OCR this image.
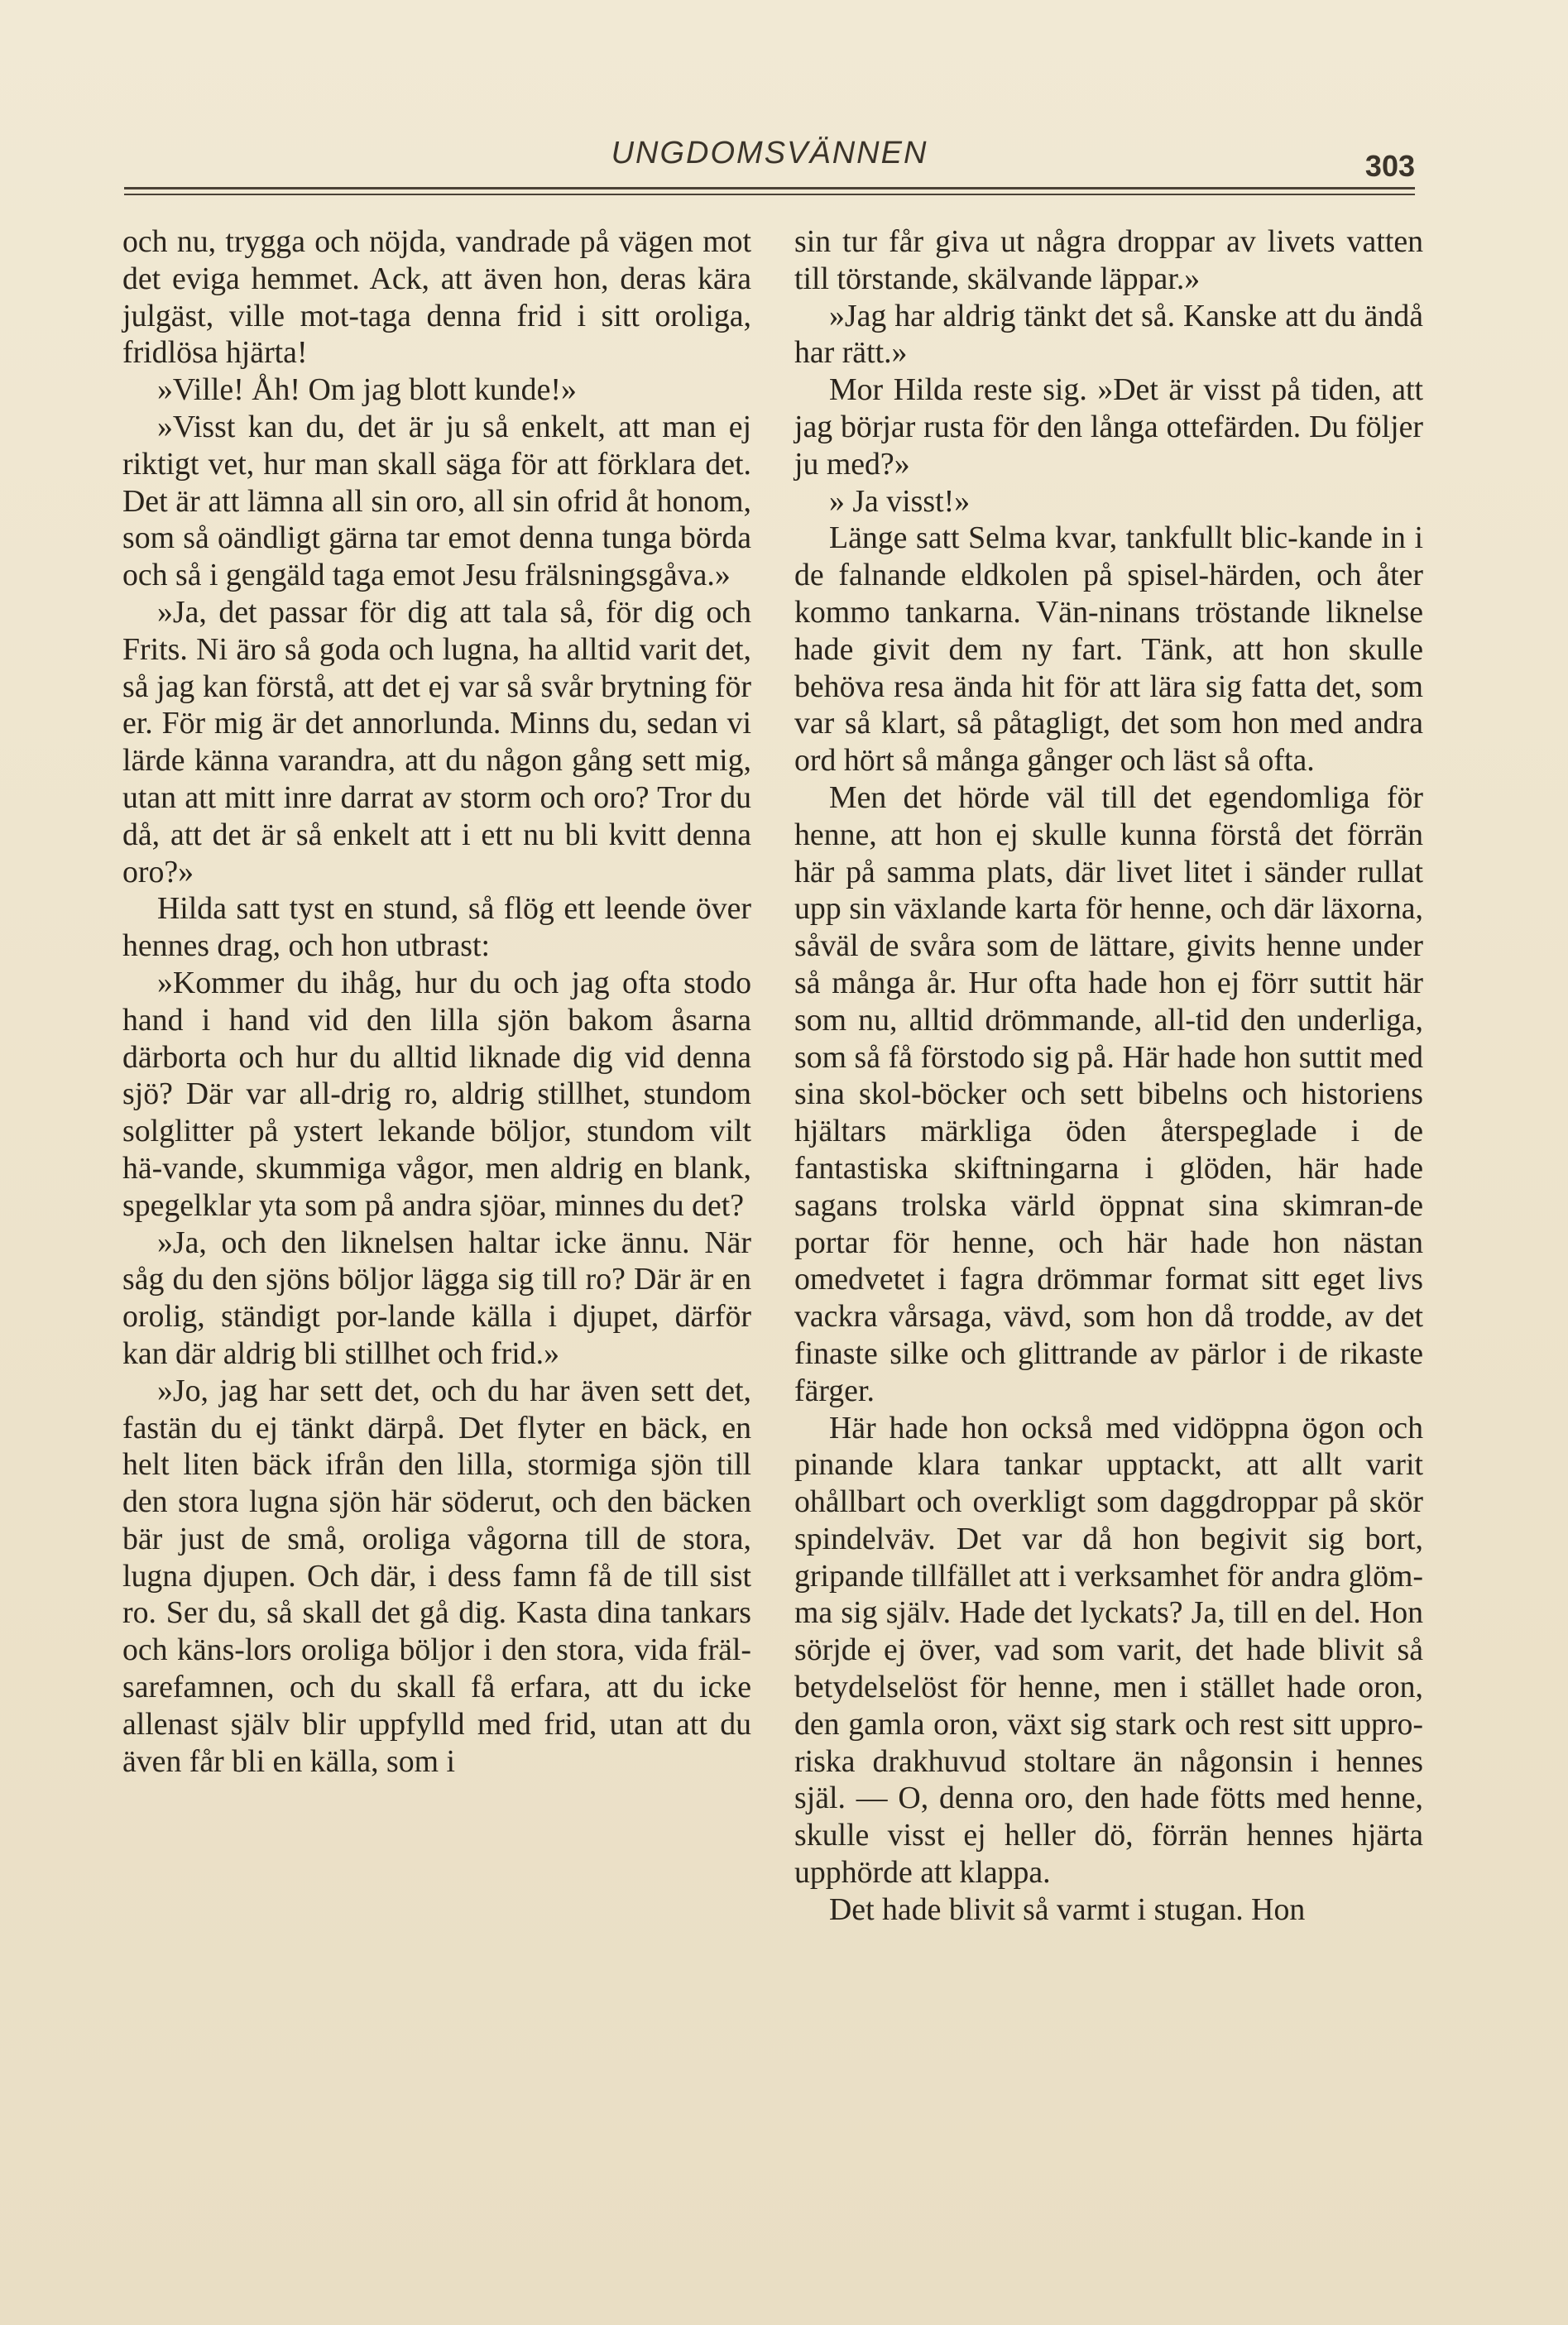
UNGDOMSVÄNNEN	303

och nu, trygga och nöjda, vandrade på vägen mot det eviga hemmet. Ack, att även hon, deras kära julgäst, ville mot-taga denna frid i sitt oroliga, fridlösa hjärta!

»Ville! Åh! Om jag blott kunde!»

»Visst kan du, det är ju så enkelt, att man ej riktigt vet, hur man skall säga för att förklara det. Det är att lämna all sin oro, all sin ofrid åt honom, som så oändligt gärna tar emot denna tunga börda och så i gengäld taga emot Jesu frälsningsgåva.»

»Ja, det passar för dig att tala så, för dig och Frits. Ni äro så goda och lugna, ha alltid varit det, så jag kan förstå, att det ej var så svår brytning för er. För mig är det annorlunda. Minns du, sedan vi lärde känna varandra, att du någon gång sett mig, utan att mitt inre darrat av storm och oro? Tror du då, att det är så enkelt att i ett nu bli kvitt denna oro?»

Hilda satt tyst en stund, så flög ett leende över hennes drag, och hon utbrast:

»Kommer du ihåg, hur du och jag ofta stodo hand i hand vid den lilla sjön bakom åsarna därborta och hur du alltid liknade dig vid denna sjö? Där var all-drig ro, aldrig stillhet, stundom solglitter på ystert lekande böljor, stundom vilt hä-vande, skummiga vågor, men aldrig en blank, spegelklar yta som på andra sjöar, minnes du det?

»Ja, och den liknelsen haltar icke ännu. När såg du den sjöns böljor lägga sig till ro? Där är en orolig, ständigt por-lande källa i djupet, därför kan där aldrig bli stillhet och frid.»

»Jo, jag har sett det, och du har även sett det, fastän du ej tänkt därpå. Det flyter en bäck, en helt liten bäck ifrån den lilla, stormiga sjön till den stora lugna sjön här söderut, och den bäcken bär just de små, oroliga vågorna till de stora, lugna djupen. Och där, i dess famn få de till sist ro. Ser du, så skall det gå dig. Kasta dina tankars och käns-lors oroliga böljor i den stora, vida fräl-sarefamnen, och du skall få erfara, att du icke allenast själv blir uppfylld med frid, utan att du även får bli en källa, som i

sin tur får giva ut några droppar av livets vatten till törstande, skälvande läppar.»

»Jag har aldrig tänkt det så. Kanske att du ändå har rätt.»

Mor Hilda reste sig. »Det är visst på tiden, att jag börjar rusta för den långa ottefärden. Du följer ju med?»

» Ja visst!»

Länge satt Selma kvar, tankfullt blic-kande in i de falnande eldkolen på spisel-härden, och åter kommo tankarna. Vän-ninans tröstande liknelse hade givit dem ny fart. Tänk, att hon skulle behöva resa ända hit för att lära sig fatta det, som var så klart, så påtagligt, det som hon med andra ord hört så många gånger och läst så ofta.

Men det hörde väl till det egendomliga för henne, att hon ej skulle kunna förstå det förrän här på samma plats, där livet litet i sänder rullat upp sin växlande karta för henne, och där läxorna, såväl de svåra som de lättare, givits henne under så många år. Hur ofta hade hon ej förr suttit här som nu, alltid drömmande, all-tid den underliga, som så få förstodo sig på. Här hade hon suttit med sina skol-böcker och sett bibelns och historiens hjältars märkliga öden återspeglade i de fantastiska skiftningarna i glöden, här hade sagans trolska värld öppnat sina skimran-de portar för henne, och här hade hon nästan omedvetet i fagra drömmar format sitt eget livs vackra vårsaga, vävd, som hon då trodde, av det finaste silke och glittrande av pärlor i de rikaste färger.

Här hade hon också med vidöppna ögon och pinande klara tankar upptackt, att allt varit ohållbart och overkligt som daggdroppar på skör spindelväv. Det var då hon begivit sig bort, gripande tillfället att i verksamhet för andra glöm-ma sig själv. Hade det lyckats? Ja, till en del. Hon sörjde ej över, vad som varit, det hade blivit så betydelselöst för henne, men i stället hade oron, den gamla oron, växt sig stark och rest sitt uppro-riska drakhuvud stoltare än någonsin i hennes själ. — O, denna oro, den hade fötts med henne, skulle visst ej heller dö, förrän hennes hjärta upphörde att klappa.

Det hade blivit så varmt i stugan. Hon
